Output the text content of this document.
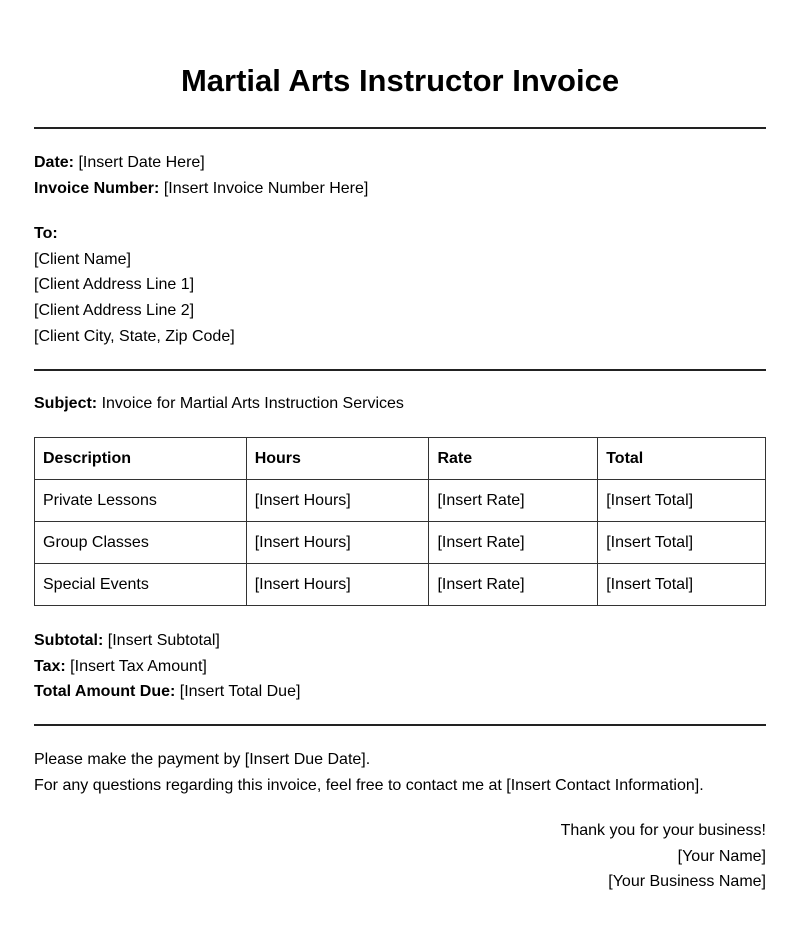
Martial Arts Instructor Invoice
Date: [Insert Date Here]
Invoice Number: [Insert Invoice Number Here]
To:
[Client Name]
[Client Address Line 1]
[Client Address Line 2]
[Client City, State, Zip Code]
Subject: Invoice for Martial Arts Instruction Services
Description	Hours	Rate	Total
Private Lessons	[Insert Hours]	[Insert Rate]	[Insert Total]
Group Classes	[Insert Hours]	[Insert Rate]	[Insert Total]
Special Events	[Insert Hours]	[Insert Rate]	[Insert Total]
Subtotal: [Insert Subtotal]
Tax: [Insert Tax Amount]
Total Amount Due: [Insert Total Due]
Please make the payment by [Insert Due Date].
For any questions regarding this invoice, feel free to contact me at [Insert Contact Information].
Thank you for your business!
[Your Name]
[Your Business Name]
